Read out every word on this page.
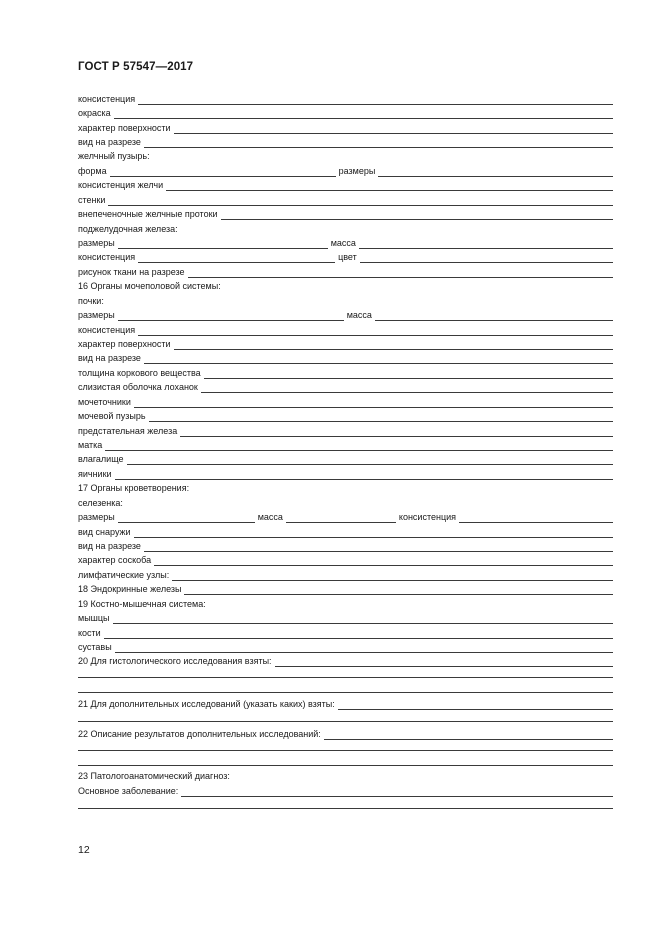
ГОСТ Р 57547—2017
консистенция
окраска
характер поверхности
вид на разрезе
желчный пузырь:
форма	размеры
консистенция желчи
стенки
внепеченочные желчные протоки
поджелудочная железа:
размеры	масса
консистенция	цвет
рисунок ткани на разрезе
16 Органы мочеполовой системы:
почки:
размеры	масса
консистенция
характер поверхности
вид на разрезе
толщина коркового вещества
слизистая оболочка лоханок
мочеточники
мочевой пузырь
предстательная железа
матка
влагалище
яичники
17 Органы кроветворения:
селезенка:
размеры	масса	консистенция
вид снаружи
вид на разрезе
характер соскоба
лимфатические узлы:
18 Эндокринные железы
19 Костно-мышечная система:
мышцы
кости
суставы
20 Для гистологического исследования взяты:
21 Для дополнительных исследований (указать каких) взяты:
22 Описание результатов дополнительных исследований:
23 Патологоанатомический диагноз:
Основное заболевание:
12
